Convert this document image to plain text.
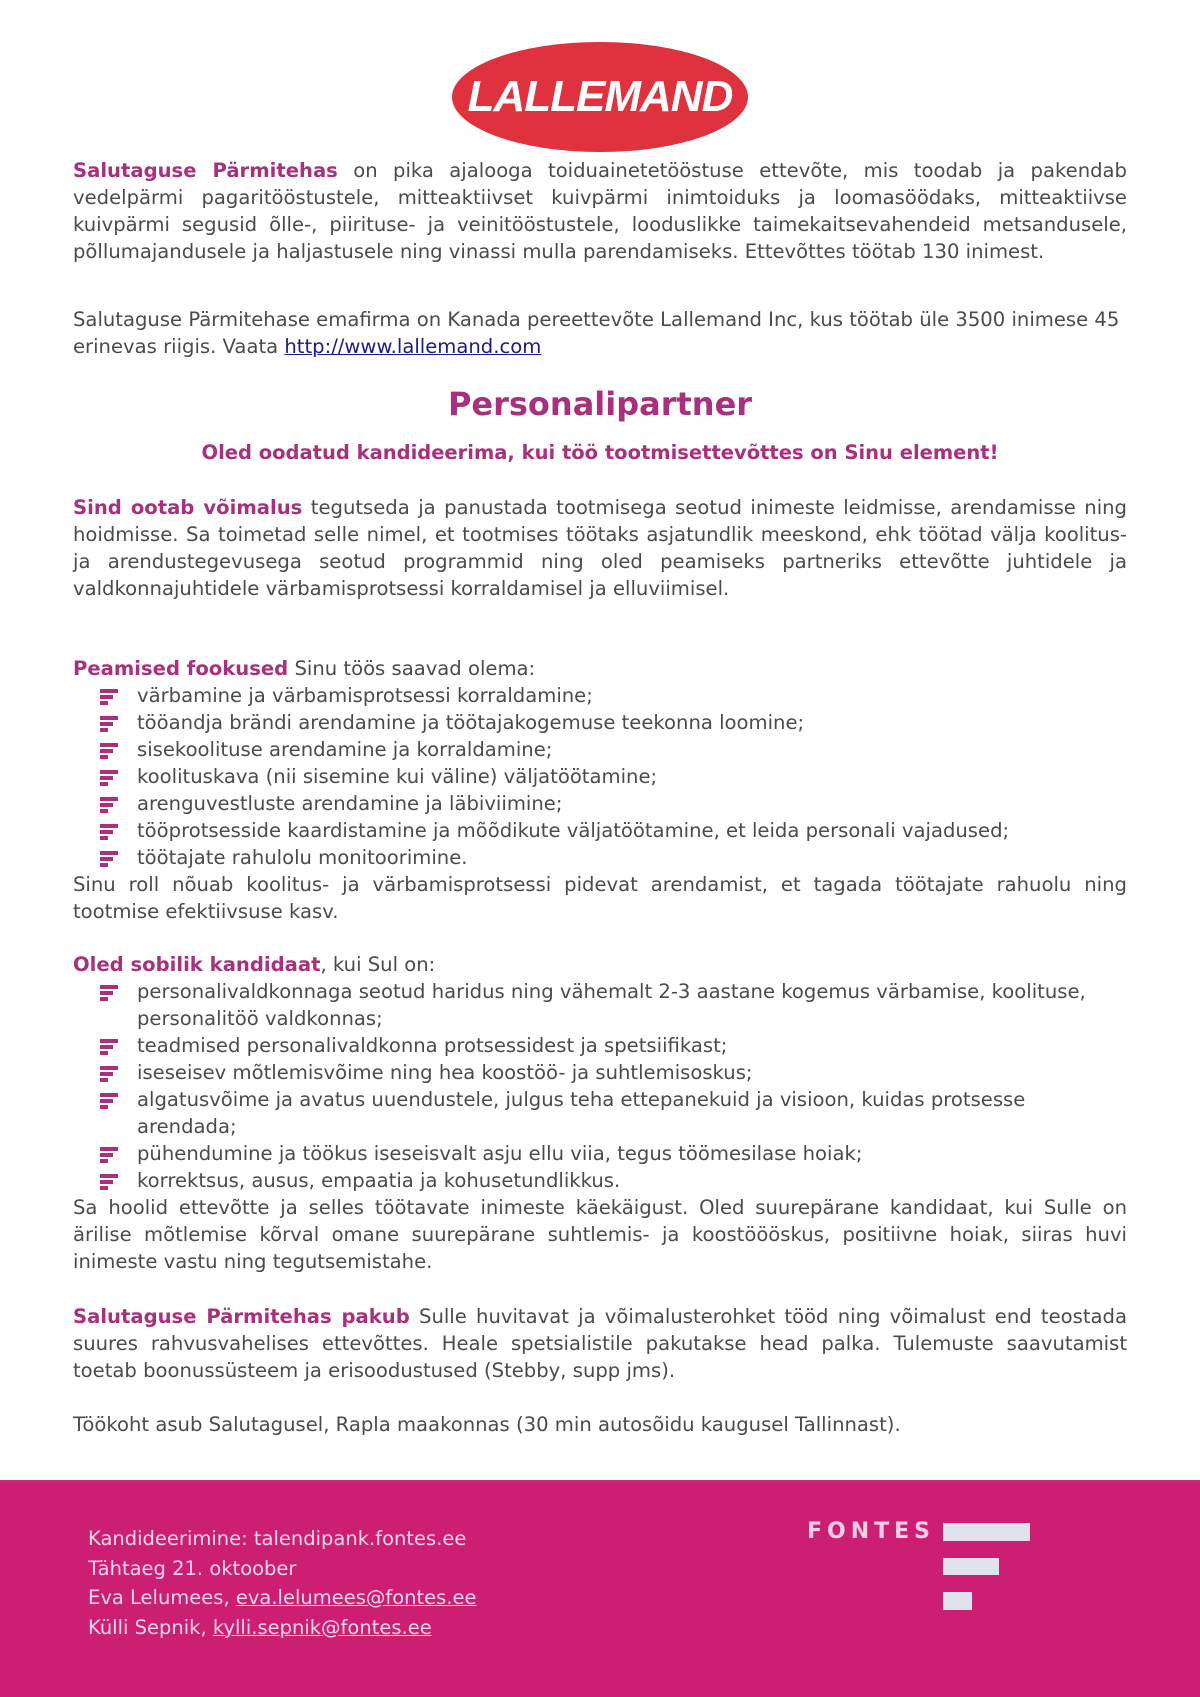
LALLEMAND

Salutaguse Pärmitehas on pika ajalooga toiduainetetööstuse ettevõte, mis toodab ja pakendab vedelpärmi pagaritööstustele, mitteaktiivset kuivpärmi inimtoiduks ja loomasöödaks, mitteaktiivse kuivpärmi segusid õlle-, piirituse- ja veinitööstustele, looduslikke taimekaitsevahendeid metsandusele, põllumajandusele ja haljastusele ning vinassi mulla parendamiseks. Ettevõttes töötab 130 inimest.

Salutaguse Pärmitehase emafirma on Kanada pereettevõte Lallemand Inc, kus töötab üle 3500 inimese 45 erinevas riigis. Vaata http://www.lallemand.com

Personalipartner
Oled oodatud kandideerima, kui töö tootmisettevõttes on Sinu element!

Sind ootab võimalus tegutseda ja panustada tootmisega seotud inimeste leidmisse, arendamisse ning hoidmisse. Sa toimetad selle nimel, et tootmises töötaks asjatundlik meeskond, ehk töötad välja koolitus- ja arendustegevusega seotud programmid ning oled peamiseks partneriks ettevõtte juhtidele ja valdkonnajuhtidele värbamisprotsessi korraldamisel ja elluviimisel.

Peamised fookused Sinu töös saavad olema:

värbamine ja värbamisprotsessi korraldamine;
tööandja brändi arendamine ja töötajakogemuse teekonna loomine;
sisekoolituse arendamine ja korraldamine;
koolituskava (nii sisemine kui väline) väljatöötamine;
arenguvestluste arendamine ja läbiviimine;
tööprotsesside kaardistamine ja mõõdikute väljatöötamine, et leida personali vajadused;
töötajate rahulolu monitoorimine.

Sinu roll nõuab koolitus- ja värbamisprotsessi pidevat arendamist, et tagada töötajate rahuolu ning tootmise efektiivsuse kasv.

Oled sobilik kandidaat, kui Sul on:

personalivaldkonnaga seotud haridus ning vähemalt 2-3 aastane kogemus värbamise, koolituse, personalitöö valdkonnas;
teadmised personalivaldkonna protsessidest ja spetsiifikast;
iseseisev mõtlemisvõime ning hea koostöö- ja suhtlemisoskus;
algatusvõime ja avatus uuendustele, julgus teha ettepanekuid ja visioon, kuidas protsesse arendada;
pühendumine ja töökus iseseisvalt asju ellu viia, tegus töömesilase hoiak;
korrektsus, ausus, empaatia ja kohusetundlikkus.

Sa hoolid ettevõtte ja selles töötavate inimeste käekäigust. Oled suurepärane kandidaat, kui Sulle on ärilise mõtlemise kõrval omane suurepärane suhtlemis- ja koostöööskus, positiivne hoiak, siiras huvi inimeste vastu ning tegutsemistahe.

Salutaguse Pärmitehas pakub Sulle huvitavat ja võimalusterohket tööd ning võimalust end teostada suures rahvusvahelises ettevõttes. Heale spetsialistile pakutakse head palka. Tulemuste saavutamist toetab boonussüsteem ja erisoodustused (Stebby, supp jms).

Töökoht asub Salutagusel, Rapla maakonnas (30 min autosõidu kaugusel Tallinnast).

Kandideerimine: talendipank.fontes.ee
Tähtaeg 21. oktoober
Eva Lelumees, eva.lelumees@fontes.ee
Külli Sepnik, kylli.sepnik@fontes.ee
FONTES
